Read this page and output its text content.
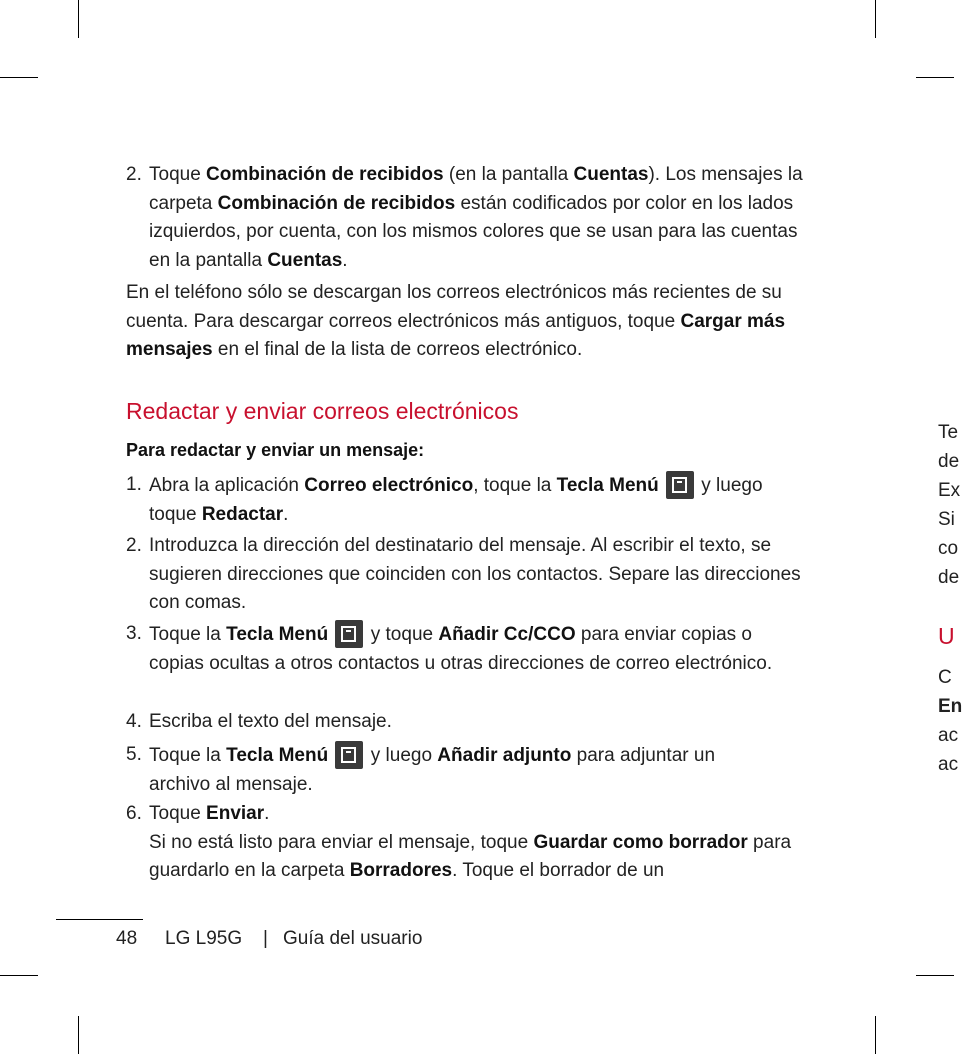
2. Toque Combinación de recibidos (en la pantalla Cuentas). Los mensajes la carpeta Combinación de recibidos están codificados por color en los lados izquierdos, por cuenta, con los mismos colores que se usan para las cuentas en la pantalla Cuentas.
En el teléfono sólo se descargan los correos electrónicos más recientes de su cuenta. Para descargar correos electrónicos más antiguos, toque Cargar más mensajes en el final de la lista de correos electrónico.
Redactar y enviar correos electrónicos
Para redactar y enviar un mensaje:
1. Abra la aplicación Correo electrónico, toque la Tecla Menú
y luego toque Redactar.
2. Introduzca la dirección del destinatario del mensaje. Al escribir el texto, se sugieren direcciones que coinciden con los contactos. Separe las direcciones con comas.
3. Toque la Tecla Menú
y toque Añadir Cc/CCO para enviar copias o copias ocultas a otros contactos u otras direcciones de correo electrónico.
4. Escriba el texto del mensaje.
5. Toque la Tecla Menú
y luego Añadir adjunto para adjuntar un archivo al mensaje.
6. Toque Enviar.
Si no está listo para enviar el mensaje, toque Guardar como borrador para guardarlo en la carpeta Borradores. Toque el borrador de un
48 LG L95G | Guía del usuario
Te
de
Ex
Si
co
de
U
C
En
ac
ac
